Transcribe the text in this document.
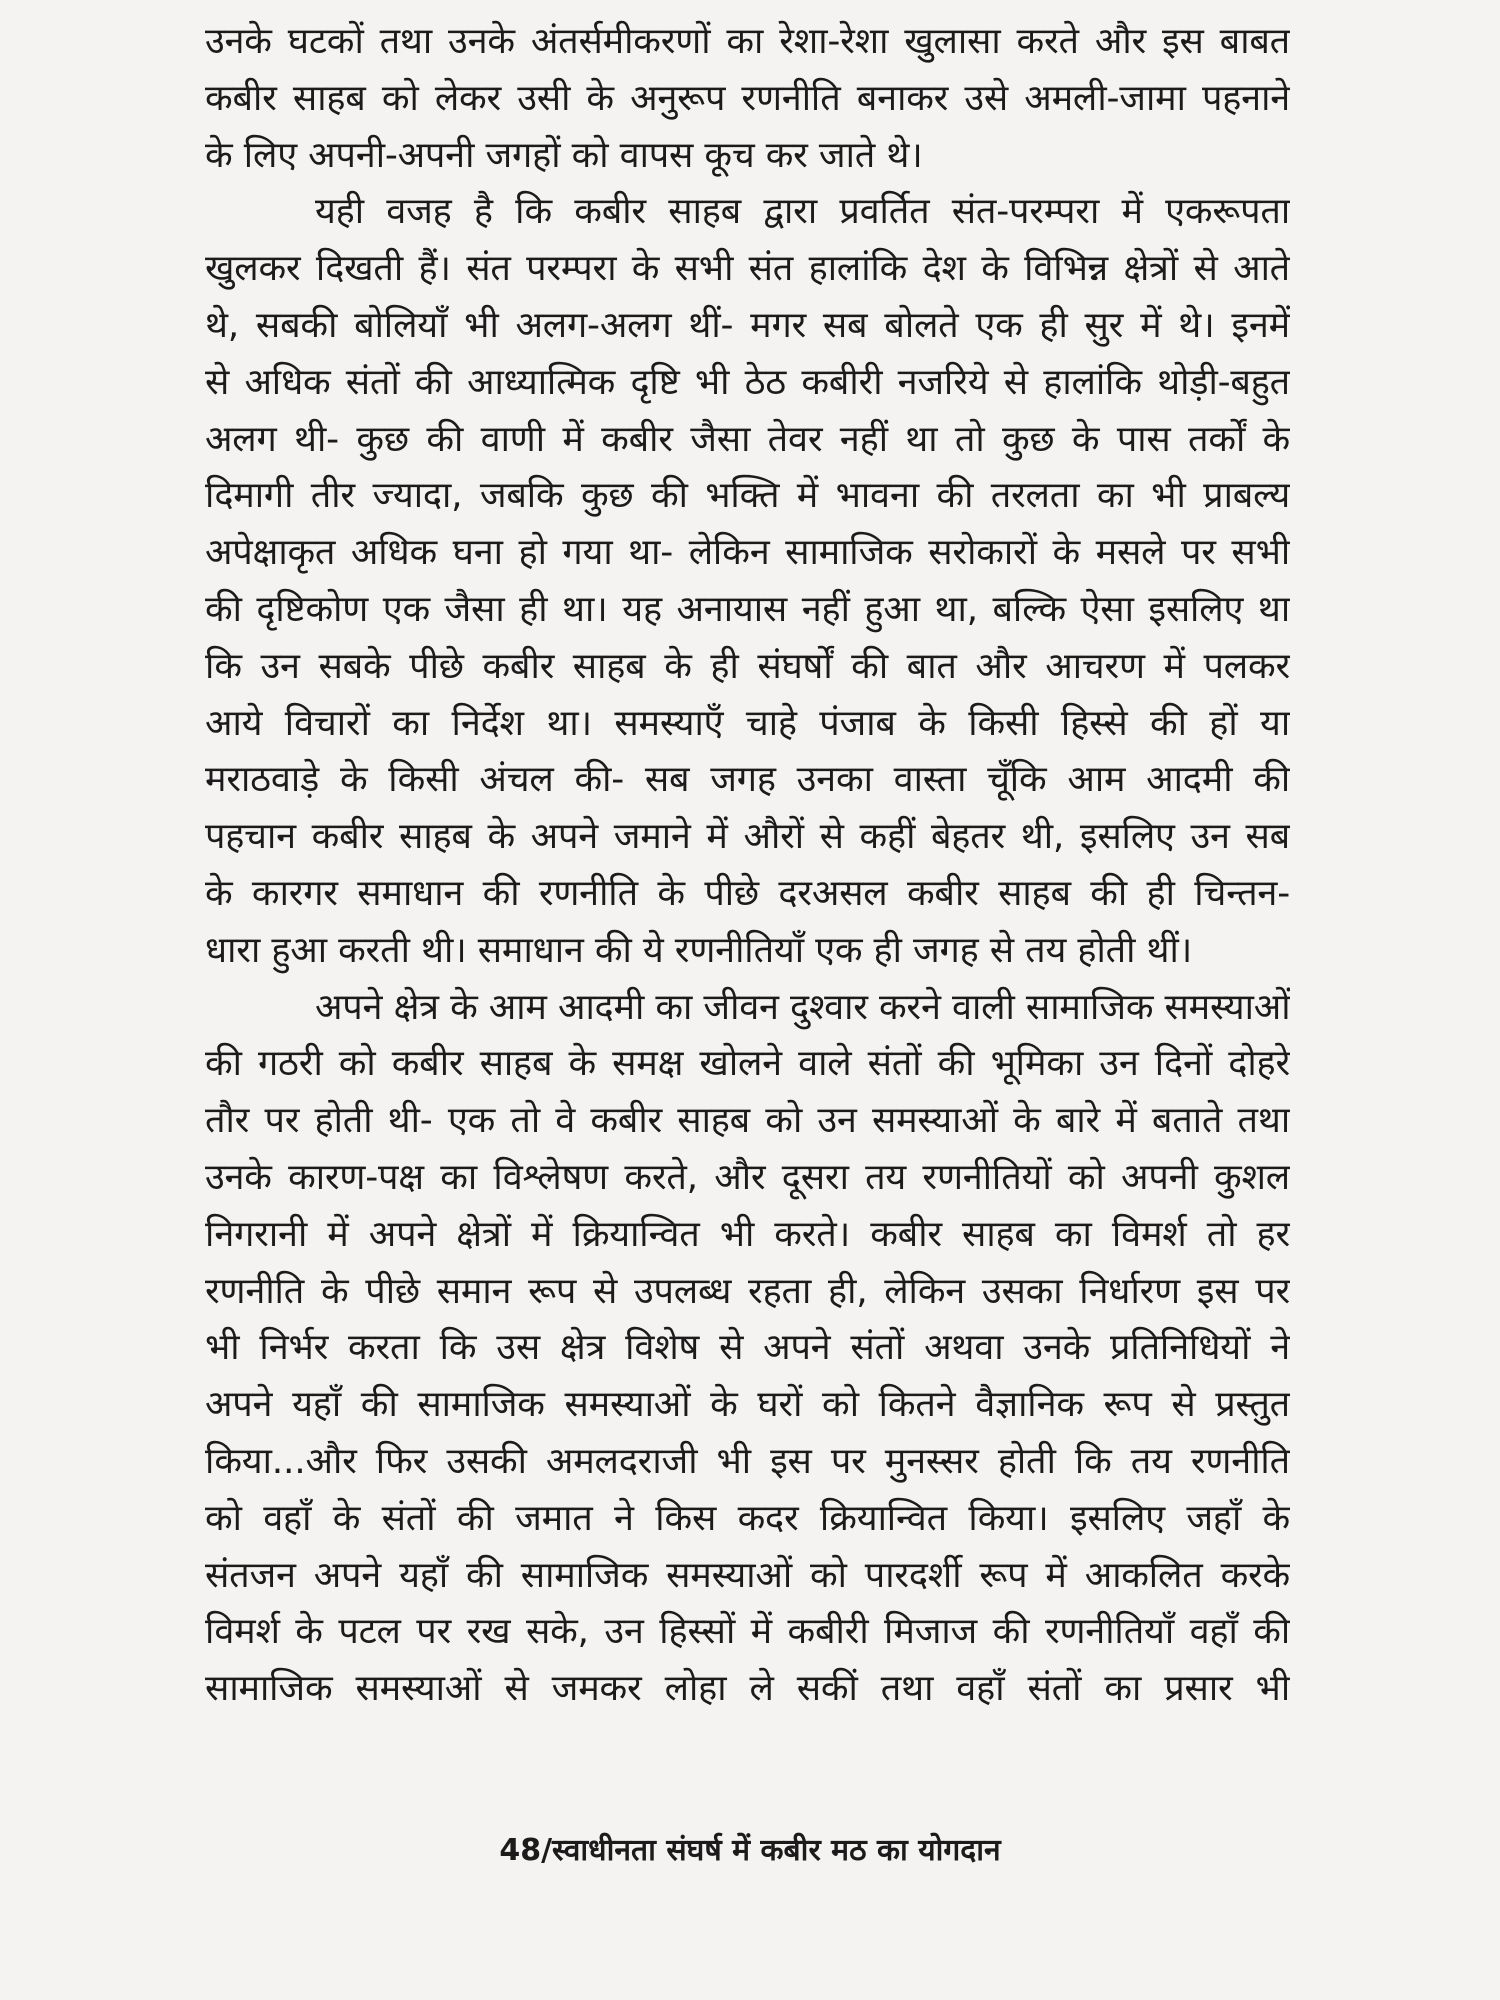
उनके घटकों तथा उनके अंतर्समीकरणों का रेशा-रेशा खुलासा करते और इस बाबत
कबीर साहब को लेकर उसी के अनुरूप रणनीति बनाकर उसे अमली-जामा पहनाने
के लिए अपनी-अपनी जगहों को वापस कूच कर जाते थे।

यही वजह है कि कबीर साहब द्वारा प्रवर्तित संत-परम्परा में एकरूपता
खुलकर दिखती हैं। संत परम्परा के सभी संत हालांकि देश के विभिन्न क्षेत्रों से आते
थे, सबकी बोलियाँ भी अलग-अलग थीं- मगर सब बोलते एक ही सुर में थे। इनमें
से अधिक संतों की आध्यात्मिक दृष्टि भी ठेठ कबीरी नजरिये से हालांकि थोड़ी-बहुत
अलग थी- कुछ की वाणी में कबीर जैसा तेवर नहीं था तो कुछ के पास तर्कों के
दिमागी तीर ज्यादा, जबकि कुछ की भक्ति में भावना की तरलता का भी प्राबल्य
अपेक्षाकृत अधिक घना हो गया था- लेकिन सामाजिक सरोकारों के मसले पर सभी
की दृष्टिकोण एक जैसा ही था। यह अनायास नहीं हुआ था, बल्कि ऐसा इसलिए था
कि उन सबके पीछे कबीर साहब के ही संघर्षों की बात और आचरण में पलकर
आये विचारों का निर्देश था। समस्याएँ चाहे पंजाब के किसी हिस्से की हों या
मराठवाड़े के किसी अंचल की- सब जगह उनका वास्ता चूँकि आम आदमी की
पहचान कबीर साहब के अपने जमाने में औरों से कहीं बेहतर थी, इसलिए उन सब
के कारगर समाधान की रणनीति के पीछे दरअसल कबीर साहब की ही चिन्तन-
धारा हुआ करती थी। समाधान की ये रणनीतियाँ एक ही जगह से तय होती थीं।

अपने क्षेत्र के आम आदमी का जीवन दुश्वार करने वाली सामाजिक समस्याओं
की गठरी को कबीर साहब के समक्ष खोलने वाले संतों की भूमिका उन दिनों दोहरे
तौर पर होती थी- एक तो वे कबीर साहब को उन समस्याओं के बारे में बताते तथा
उनके कारण-पक्ष का विश्लेषण करते, और दूसरा तय रणनीतियों को अपनी कुशल
निगरानी में अपने क्षेत्रों में क्रियान्वित भी करते। कबीर साहब का विमर्श तो हर
रणनीति के पीछे समान रूप से उपलब्ध रहता ही, लेकिन उसका निर्धारण इस पर
भी निर्भर करता कि उस क्षेत्र विशेष से अपने संतों अथवा उनके प्रतिनिधियों ने
अपने यहाँ की सामाजिक समस्याओं के घरों को कितने वैज्ञानिक रूप से प्रस्तुत
किया...और फिर उसकी अमलदराजी भी इस पर मुनस्सर होती कि तय रणनीति
को वहाँ के संतों की जमात ने किस कदर क्रियान्वित किया। इसलिए जहाँ के
संतजन अपने यहाँ की सामाजिक समस्याओं को पारदर्शी रूप में आकलित करके
विमर्श के पटल पर रख सके, उन हिस्सों में कबीरी मिजाज की रणनीतियाँ वहाँ की
सामाजिक समस्याओं से जमकर लोहा ले सकीं तथा वहाँ संतों का प्रसार भी

48/स्वाधीनता संघर्ष में कबीर मठ का योगदान
